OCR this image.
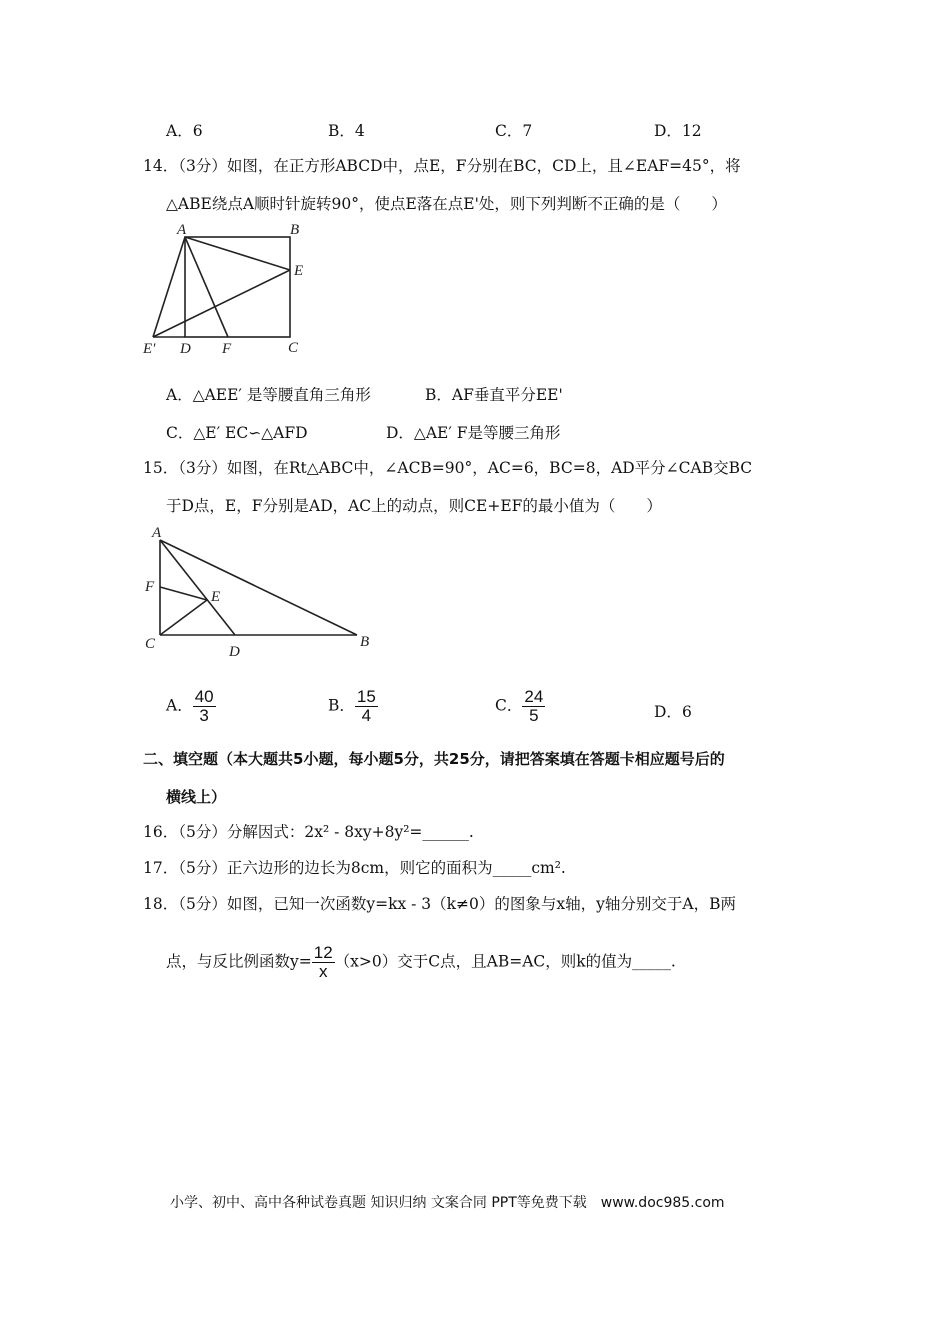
A．6	B．4	C．7	D．12
14．（3分）如图，在正方形ABCD中，点E，F分别在BC，CD上，且∠EAF=45°，将
△ABE绕点A顺时针旋转90°，使点E落在点E'处，则下列判断不正确的是（　　）
A	B
E
C
D F
E′
A
F
E
C	D
B
A．△AEE′ 是等腰直角三角形	B．AF垂直平分EE'
C．△E′ EC∽△AFD	D．△AE′ F是等腰三角形
15．（3分）如图，在Rt△ABC中，∠ACB=90°，AC=6，BC=8，AD平分∠CAB交BC
于D点，E，F分别是AD，AC上的动点，则CE+EF的最小值为（　　）
A． $\frac{40}{3}$	B． $\frac{15}{4}$	C． $\frac{24}{5}$	D．6
二、填空题（本大题共5小题，每小题5分，共25分，请把答案填在答题卡相应题号后的
横线上）
16．（5分）分解因式：2x² - 8xy+8y²=______.
17．（5分）正六边形的边长为8cm，则它的面积为_____cm².
18．（5分）如图，已知一次函数y=kx - 3（k≠0）的图象与x轴，y轴分别交于A，B两
点，与反比例函数$y= \frac{12}{x} (x>0)$交于C点，且AB=AC，则k的值为_____.
小学、初中、高中各种试卷真题 知识归纳 文案合同 PPT等免费下载　www.doc985.com
